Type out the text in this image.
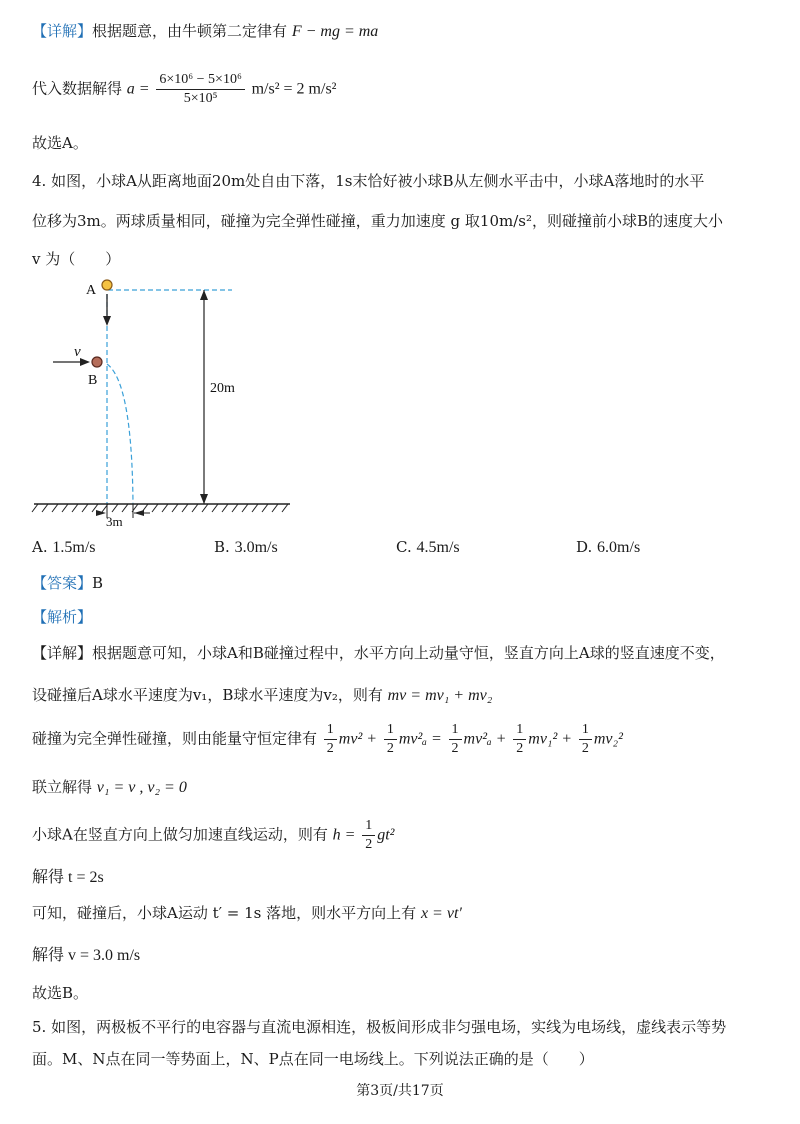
【详解】根据题意，由牛顿第二定律有 F − mg = ma
代入数据解得 $a = \frac{\text{6×10⁶ − 5×10⁶}}{\text{5×10⁵}} m/s^2 = 2$ m/s²
故选A。
4. 如图，小球A从距离地面20m处自由下落，1s末恰好被小球B从左侧水平击中，小球A落地时的水平
位移为3m。两球质量相同，碰撞为完全弹性碰撞，重力加速度 g 取10m/s²，则碰撞前小球B的速度大小
v 为（　　）
A
B
v
20m
3m
A. 1.5m/s	B. 3.0m/s	C. 4.5m/s	D. 6.0m/s
【答案】B
【解析】
【详解】根据题意可知，小球A和B碰撞过程中，水平方向上动量守恒，竖直方向上A球的竖直速度不变，
设碰撞后A球水平速度为v₁，B球水平速度为v₂，则有 mv = mv₁ + mv₂
碰撞为完全弹性碰撞，则由能量守恒定律有 $\frac{1}{2} mv^2 + \frac{1}{2} mv^2_a = \frac{1}{2} mv^2_a + \frac{1}{2} mv_1^2 + \frac{1}{2} mv_2^2$
联立解得 v₁ = v , v₂ = 0
小球A在竖直方向上做匀加速直线运动，则有 $h = \frac{1}{2} gt^2$
解得 t = 2s
可知，碰撞后，小球A运动 t′ = 1s 落地，则水平方向上有 x = vt′
解得 v = 3.0 m/s
故选B。
5. 如图，两极板不平行的电容器与直流电源相连，极板间形成非匀强电场，实线为电场线，虚线表示等势
面。M、N点在同一等势面上，N、P点在同一电场线上。下列说法正确的是（　　）
第3页/共17页
